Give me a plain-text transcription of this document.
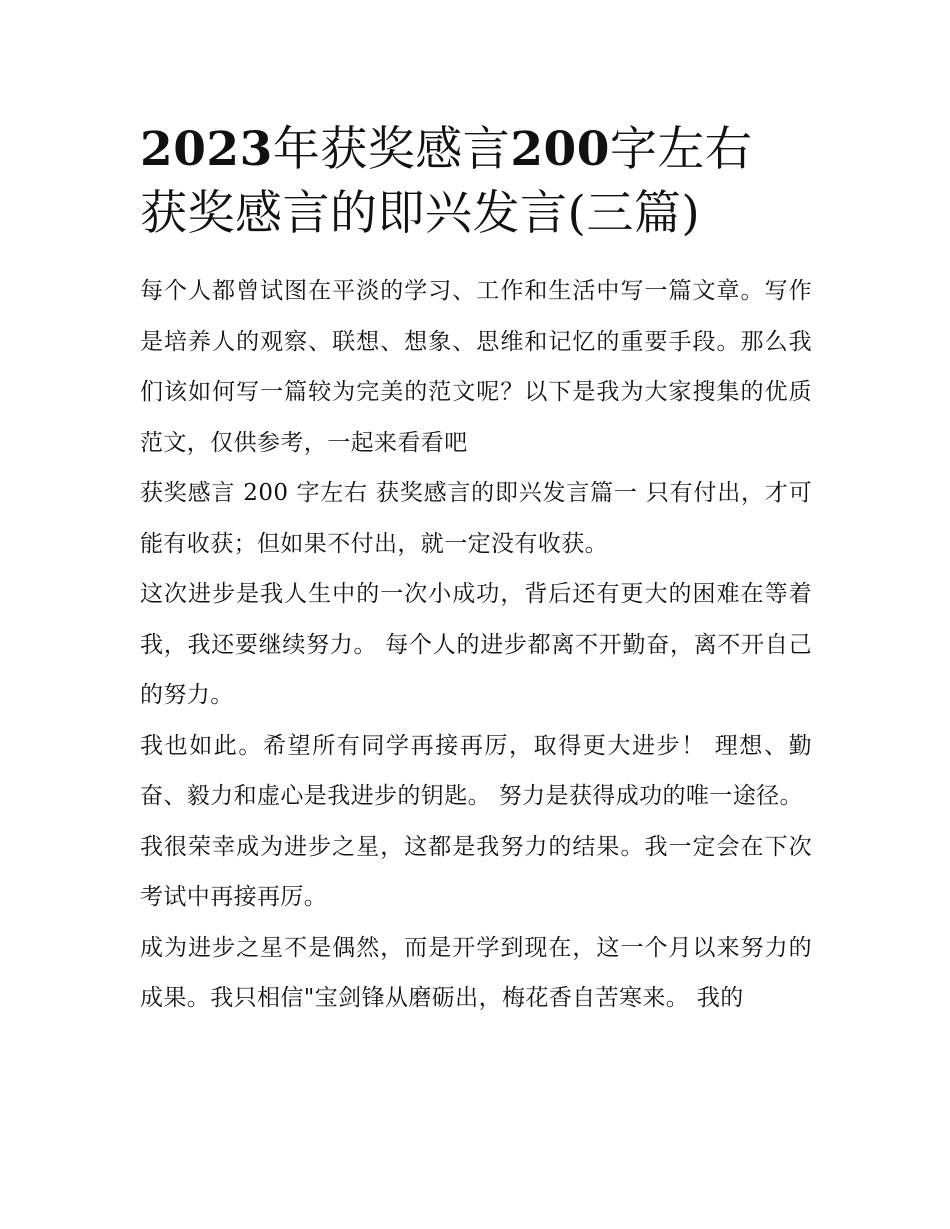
2023年获奖感言200字左右 获奖感言的即兴发言(三篇)

每个人都曾试图在平淡的学习、工作和生活中写一篇文章。写作是培养人的观察、联想、想象、思维和记忆的重要手段。那么我们该如何写一篇较为完美的范文呢？以下是我为大家搜集的优质范文，仅供参考，一起来看看吧

获奖感言 200 字左右 获奖感言的即兴发言篇一 只有付出，才可能有收获；但如果不付出，就一定没有收获。

这次进步是我人生中的一次小成功，背后还有更大的困难在等着我，我还要继续努力。 每个人的进步都离不开勤奋，离不开自己的努力。

我也如此。希望所有同学再接再厉，取得更大进步！ 理想、勤奋、毅力和虚心是我进步的钥匙。 努力是获得成功的唯一途径。

我很荣幸成为进步之星，这都是我努力的结果。我一定会在下次考试中再接再厉。

成为进步之星不是偶然，而是开学到现在，这一个月以来努力的成果。我只相信"宝剑锋从磨砺出，梅花香自苦寒来。 我的
